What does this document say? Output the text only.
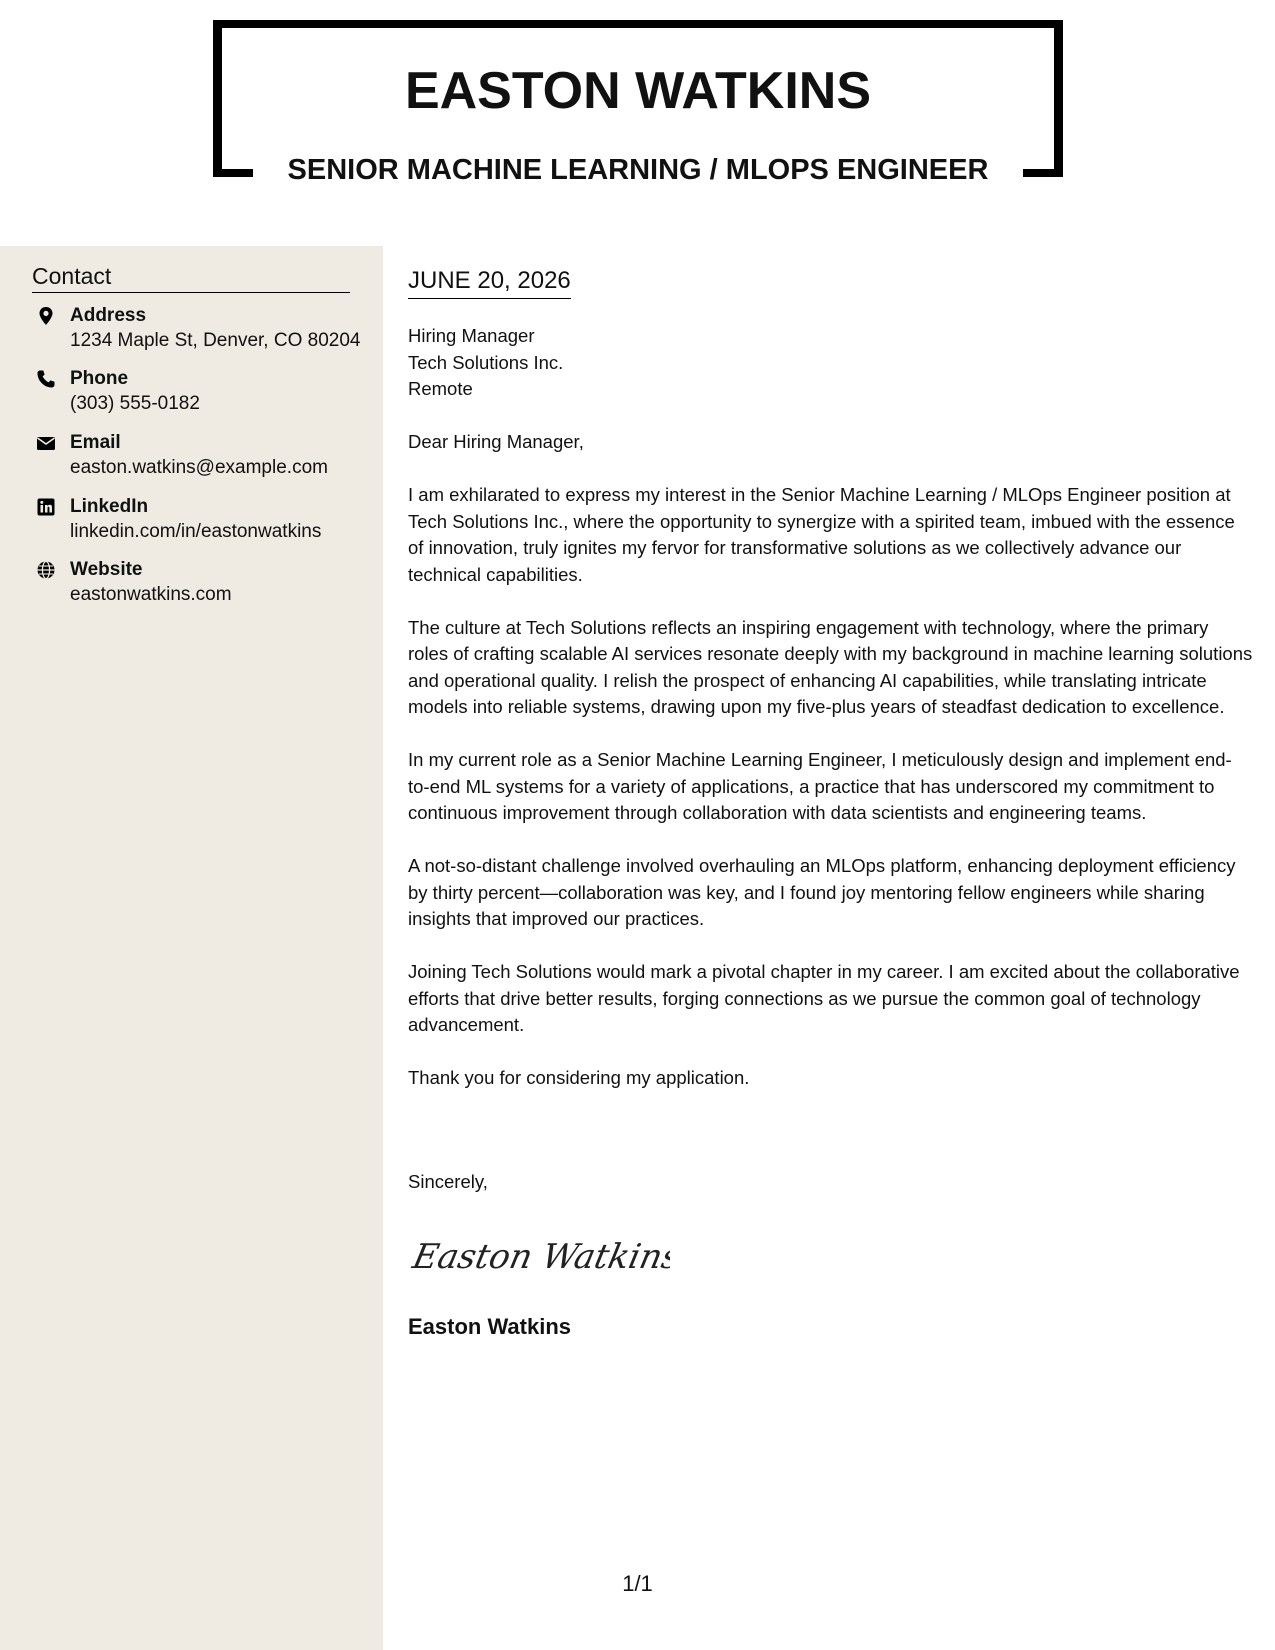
EASTON WATKINS
SENIOR MACHINE LEARNING / MLOPS ENGINEER
Contact
Address
1234 Maple St, Denver, CO 80204
Phone
(303) 555-0182
Email
easton.watkins@example.com
LinkedIn
linkedin.com/in/eastonwatkins
Website
eastonwatkins.com
JUNE 20, 2026
Hiring Manager
Tech Solutions Inc.
Remote

Dear Hiring Manager,

I am exhilarated to express my interest in the Senior Machine Learning / MLOps Engineer position at Tech Solutions Inc., where the opportunity to synergize with a spirited team, imbued with the essence of innovation, truly ignites my fervor for transformative solutions as we collectively advance our technical capabilities.

The culture at Tech Solutions reflects an inspiring engagement with technology, where the primary roles of crafting scalable AI services resonate deeply with my background in machine learning solutions and operational quality. I relish the prospect of enhancing AI capabilities, while translating intricate models into reliable systems, drawing upon my five-plus years of steadfast dedication to excellence.

In my current role as a Senior Machine Learning Engineer, I meticulously design and implement end-to-end ML systems for a variety of applications, a practice that has underscored my commitment to continuous improvement through collaboration with data scientists and engineering teams.

A not-so-distant challenge involved overhauling an MLOps platform, enhancing deployment efficiency by thirty percent—collaboration was key, and I found joy mentoring fellow engineers while sharing insights that improved our practices.

Joining Tech Solutions would mark a pivotal chapter in my career. I am excited about the collaborative efforts that drive better results, forging connections as we pursue the common goal of technology advancement.

Thank you for considering my application.

Sincerely,
Easton Watkins
Easton Watkins
1/1
